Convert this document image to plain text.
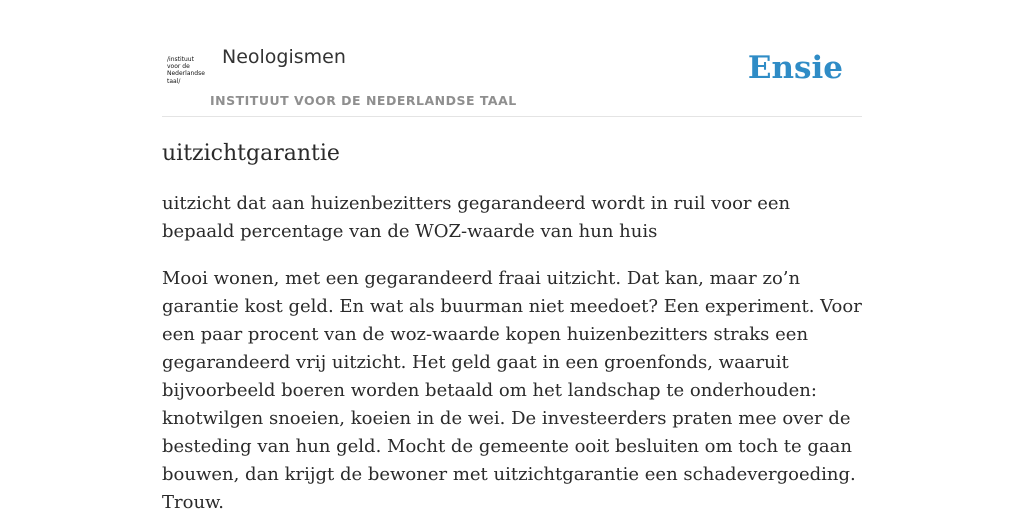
/instituut
voor de
Nederlandse
taal/
Neologismen
INSTITUUT VOOR DE NEDERLANDSE TAAL
Ensie
uitzichtgarantie

uitzicht dat aan huizenbezitters gegarandeerd wordt in ruil voor een bepaald percentage van de WOZ-waarde van hun huis

Mooi wonen, met een gegarandeerd fraai uitzicht. Dat kan, maar zo’n garantie kost geld. En wat als buurman niet meedoet? Een experiment. Voor een paar procent van de woz-waarde kopen huizenbezitters straks een gegarandeerd vrij uitzicht. Het geld gaat in een groenfonds, waaruit bijvoorbeeld boeren worden betaald om het landschap te onderhouden: knotwilgen snoeien, koeien in de wei. De investeerders praten mee over de besteding van hun geld. Mocht de gemeente ooit besluiten om toch te gaan bouwen, dan krijgt de bewoner met uitzichtgarantie een schadevergoeding.

Trouw.
